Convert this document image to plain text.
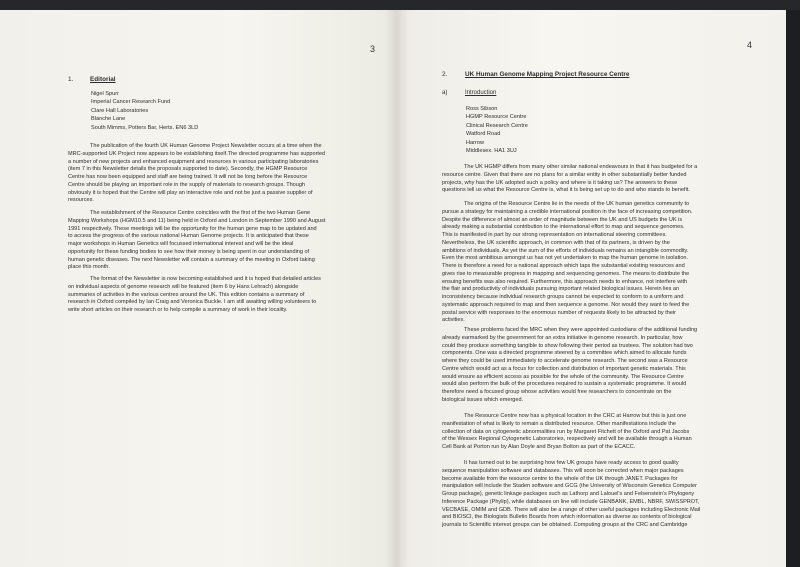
3
1.	Editorial
Nigel Spurr
Imperial Cancer Research Fund
Clare Hall Laboratories
Blanche Lane
South Mimms, Potters Bar, Herts. EN6 3LD
The publication of the fourth UK Human Genome Project Newsletter occurs at a time when the
MRC-supported UK Project now appears to be establishing itself.The directed programme has supported
a number of new projects and enhanced equipment and resources in various participating laboratories
(item 7 in this Newsletter details the proposals supported to date). Secondly, the HGMP Resource
Centre has now been equipped and staff are being trained. It will not be long before the Resource
Centre should be playing an important role in the supply of materials to research groups. Though
obviously it is hoped that the Centre will play an interactive role and not be just a passive supplier of
resources.
The establishment of the Resource Centre coincides with the first of the two Human Gene
Mapping Workshops (HGM10.5 and 11) being held in Oxford and London in September 1990 and August
1991 respectively. These meetings will be the opportunity for the human gene map to be updated and
to access the progress of the various national Human Genome projects. It is anticipated that these
major workshops in Human Genetics will focussed international interest and will be the ideal
opportunity for these funding bodies to see how their money is being spent in our understanding of
human genetic diseases. The next Newsletter will contain a summary of the meeting in Oxford taking
place this month.
The format of the Newsletter is now becoming established and it is hoped that detailed articles
on individual aspects of genome research will be featured (item 6 by Hans Lehrach) alongside
summaries of activities in the various centres around the UK. This edition contains a summary of
research in Oxford compiled by Ian Craig and Veronica Buckle. I am still awaiting willing volunteers to
write short articles on their research or to help compile a summary of work in their locality.
4
2.	UK Human Genome Mapping Project Resource Centre
a)	Introduction
Ross Sibson
HGMP Resource Centre
Clinical Research Centre
Watford Road
Harrow
Middlesex. HA1 3UJ
The UK HGMP differs from many other similar national endeavours in that it has budgeted for a
resource centre. Given that there are no plans for a similar entity in other substantially better funded
projects, why has the UK adopted such a policy and where is it taking us? The answers to these
questions tell us what the Resource Centre is, what it is being set up to do and who stands to benefit.
The origins of the Resource Centre lie in the needs of the UK human genetics community to
pursue a strategy for maintaining a credible international position in the face of increasing competition.
Despite the difference of almost an order of magnitude between the UK and US budgets the UK is
already making a substantial contribution to the international effort to map and sequence genomes.
This is manifested in part by our strong representation on international steering committees.
Nevertheless, the UK scientific approach, in common with that of its partners, is driven by the
ambitions of individuals. As yet the sum of the efforts of individuals remains an intangible commodity.
Even the most ambitious amongst us has not yet undertaken to map the human genome in isolation.
There is therefore a need for a national approach which taps the substantial existing resources and
gives rise to measurable progress in mapping and sequencing genomes. The means to distribute the
ensuing benefits was also required. Furthermore, this approach needs to enhance, not interfere with
the flair and productivity of individuals pursuing important related biological issues. Herein lies an
inconsistency because individual research groups cannot be expected to conform to a uniform and
systematic approach required to map and then sequence a genome. Nor would they want to feed the
postal service with responses to the enormous number of requests likely to be attracted by their
activities.
These problems faced the MRC when they were appointed custodians of the additional funding
already earmarked by the government for an extra initiative in genome research. In particular, how
could they produce something tangible to show following their period as trustees. The solution had two
components. One was a directed programme steered by a committee which aimed to allocate funds
where they could be used immediately to accelerate genome research. The second was a Resource
Centre which would act as a focus for collection and distribution of important genetic materials. This
would ensure as efficient access as possible for the whole of the community. The Resource Centre
would also perform the bulk of the procedures required to sustain a systematic programme. It would
therefore need a focused group whose activities would free researchers to concentrate on the
biological issues which emerged.
The Resource Centre now has a physical location in the CRC at Harrow but this is just one
manifestation of what is likely to remain a distributed resource. Other manifestations include the
collection of data on cytogenetic abnormalities run by Margaret Fitchett of the Oxford and Pat Jacobs
of the Wessex Regional Cytogenetic Laboratories, respectively and will be available through a Human
Cell Bank at Porton run by Alan Doyle and Bryan Bolton as part of the ECACC.
It has turned out to be surprising how few UK groups have ready access to good quality
sequence manipulation software and databases. This will soon be corrected when major packages
become available from the resource centre to the whole of the UK through JANET. Packages for
manipulation will include the Staden software and GCG (the University of Wisconsin Genetics Computer
Group package), genetic linkage packages such as Lathorp and Lalouel's and Felsenstein's Phylogeny
Inference Package (Phylip), while databases on line will include GENBANK, EMBL, NBRF, SWISSPROT,
VECBASE, OMIM and GDB. There will also be a range of other useful packages including Electronic Mail
and BIOSCI, the Biologists Bulletin Boards from which information as diverse as contents of biological
journals to Scientific interest groups can be obtained. Computing groups at the CRC and Cambridge
